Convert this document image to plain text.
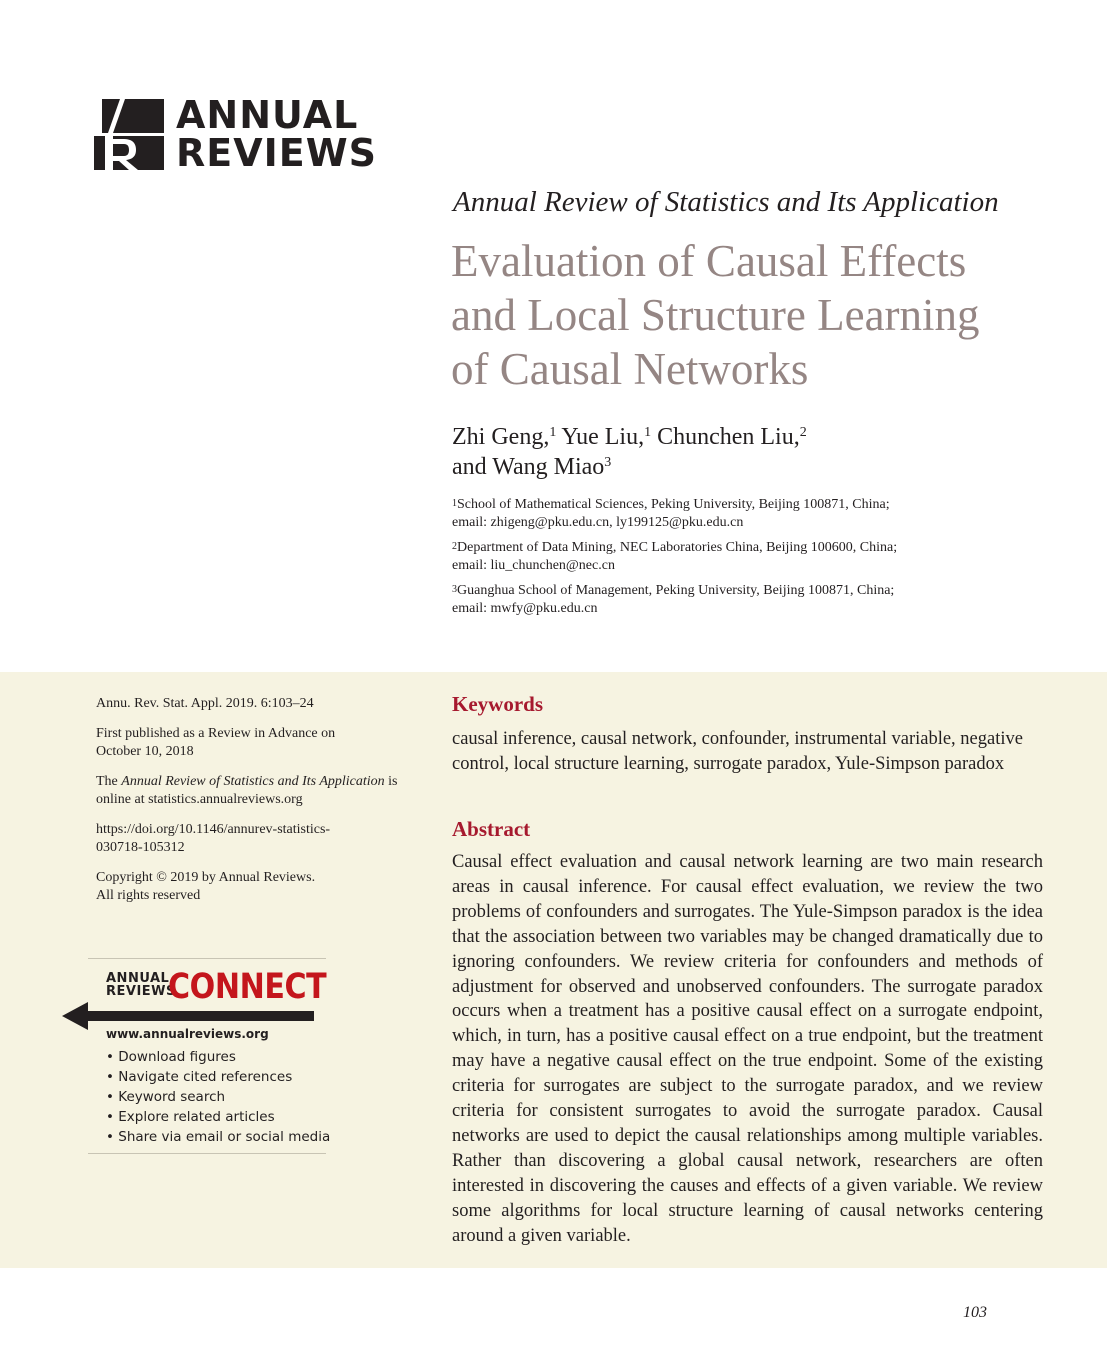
ANNUAL
REVIEWS
Annual Review of Statistics and Its Application
Evaluation of Causal Effects
and Local Structure Learning
of Causal Networks
Zhi Geng,$^1$ Yue Liu,$^1$ Chunchen Liu,$^2$
and Wang Miao$^3$
$^1$School of Mathematical Sciences, Peking University, Beijing 100871, China;
email: zhigeng@pku.edu.cn, ly199125@pku.edu.cn
$^2$Department of Data Mining, NEC Laboratories China, Beijing 100600, China;
email: liu_chunchen@nec.cn
$^3$Guanghua School of Management, Peking University, Beijing 100871, China;
email: mwfy@pku.edu.cn

Annu. Rev. Stat. Appl. 2019. 6:103–24

First published as a Review in Advance on
October 10, 2018

The Annual Review of Statistics and Its Application is
online at statistics.annualreviews.org

https://doi.org/10.1146/annurev-statistics-
030718-105312

Copyright © 2019 by Annual Reviews.
All rights reserved

ANNUAL
REVIEWS
CONNECT
www.annualreviews.org
• Download figures
• Navigate cited references
• Keyword search
• Explore related articles
• Share via email or social media
Keywords
causal inference, causal network, confounder, instrumental variable, negative control, local structure learning, surrogate paradox, Yule-Simpson paradox
Abstract
Causal effect evaluation and causal network learning are two main research areas in causal inference. For causal effect evaluation, we review the two problems of confounders and surrogates. The Yule-Simpson paradox is the idea that the association between two variables may be changed dramatically due to ignoring confounders. We review criteria for confounders and methods of adjustment for observed and unobserved confounders. The surrogate paradox occurs when a treatment has a positive causal effect on a surrogate endpoint, which, in turn, has a positive causal effect on a true endpoint, but the treatment may have a negative causal effect on the true endpoint. Some of the existing criteria for surrogates are subject to the surrogate paradox, and we review criteria for consistent surrogates to avoid the surrogate paradox. Causal networks are used to depict the causal relationships among multiple variables. Rather than discovering a global causal network, researchers are often interested in discovering the causes and effects of a given variable. We review some algorithms for local structure learning of causal networks centering around a given variable.
103
